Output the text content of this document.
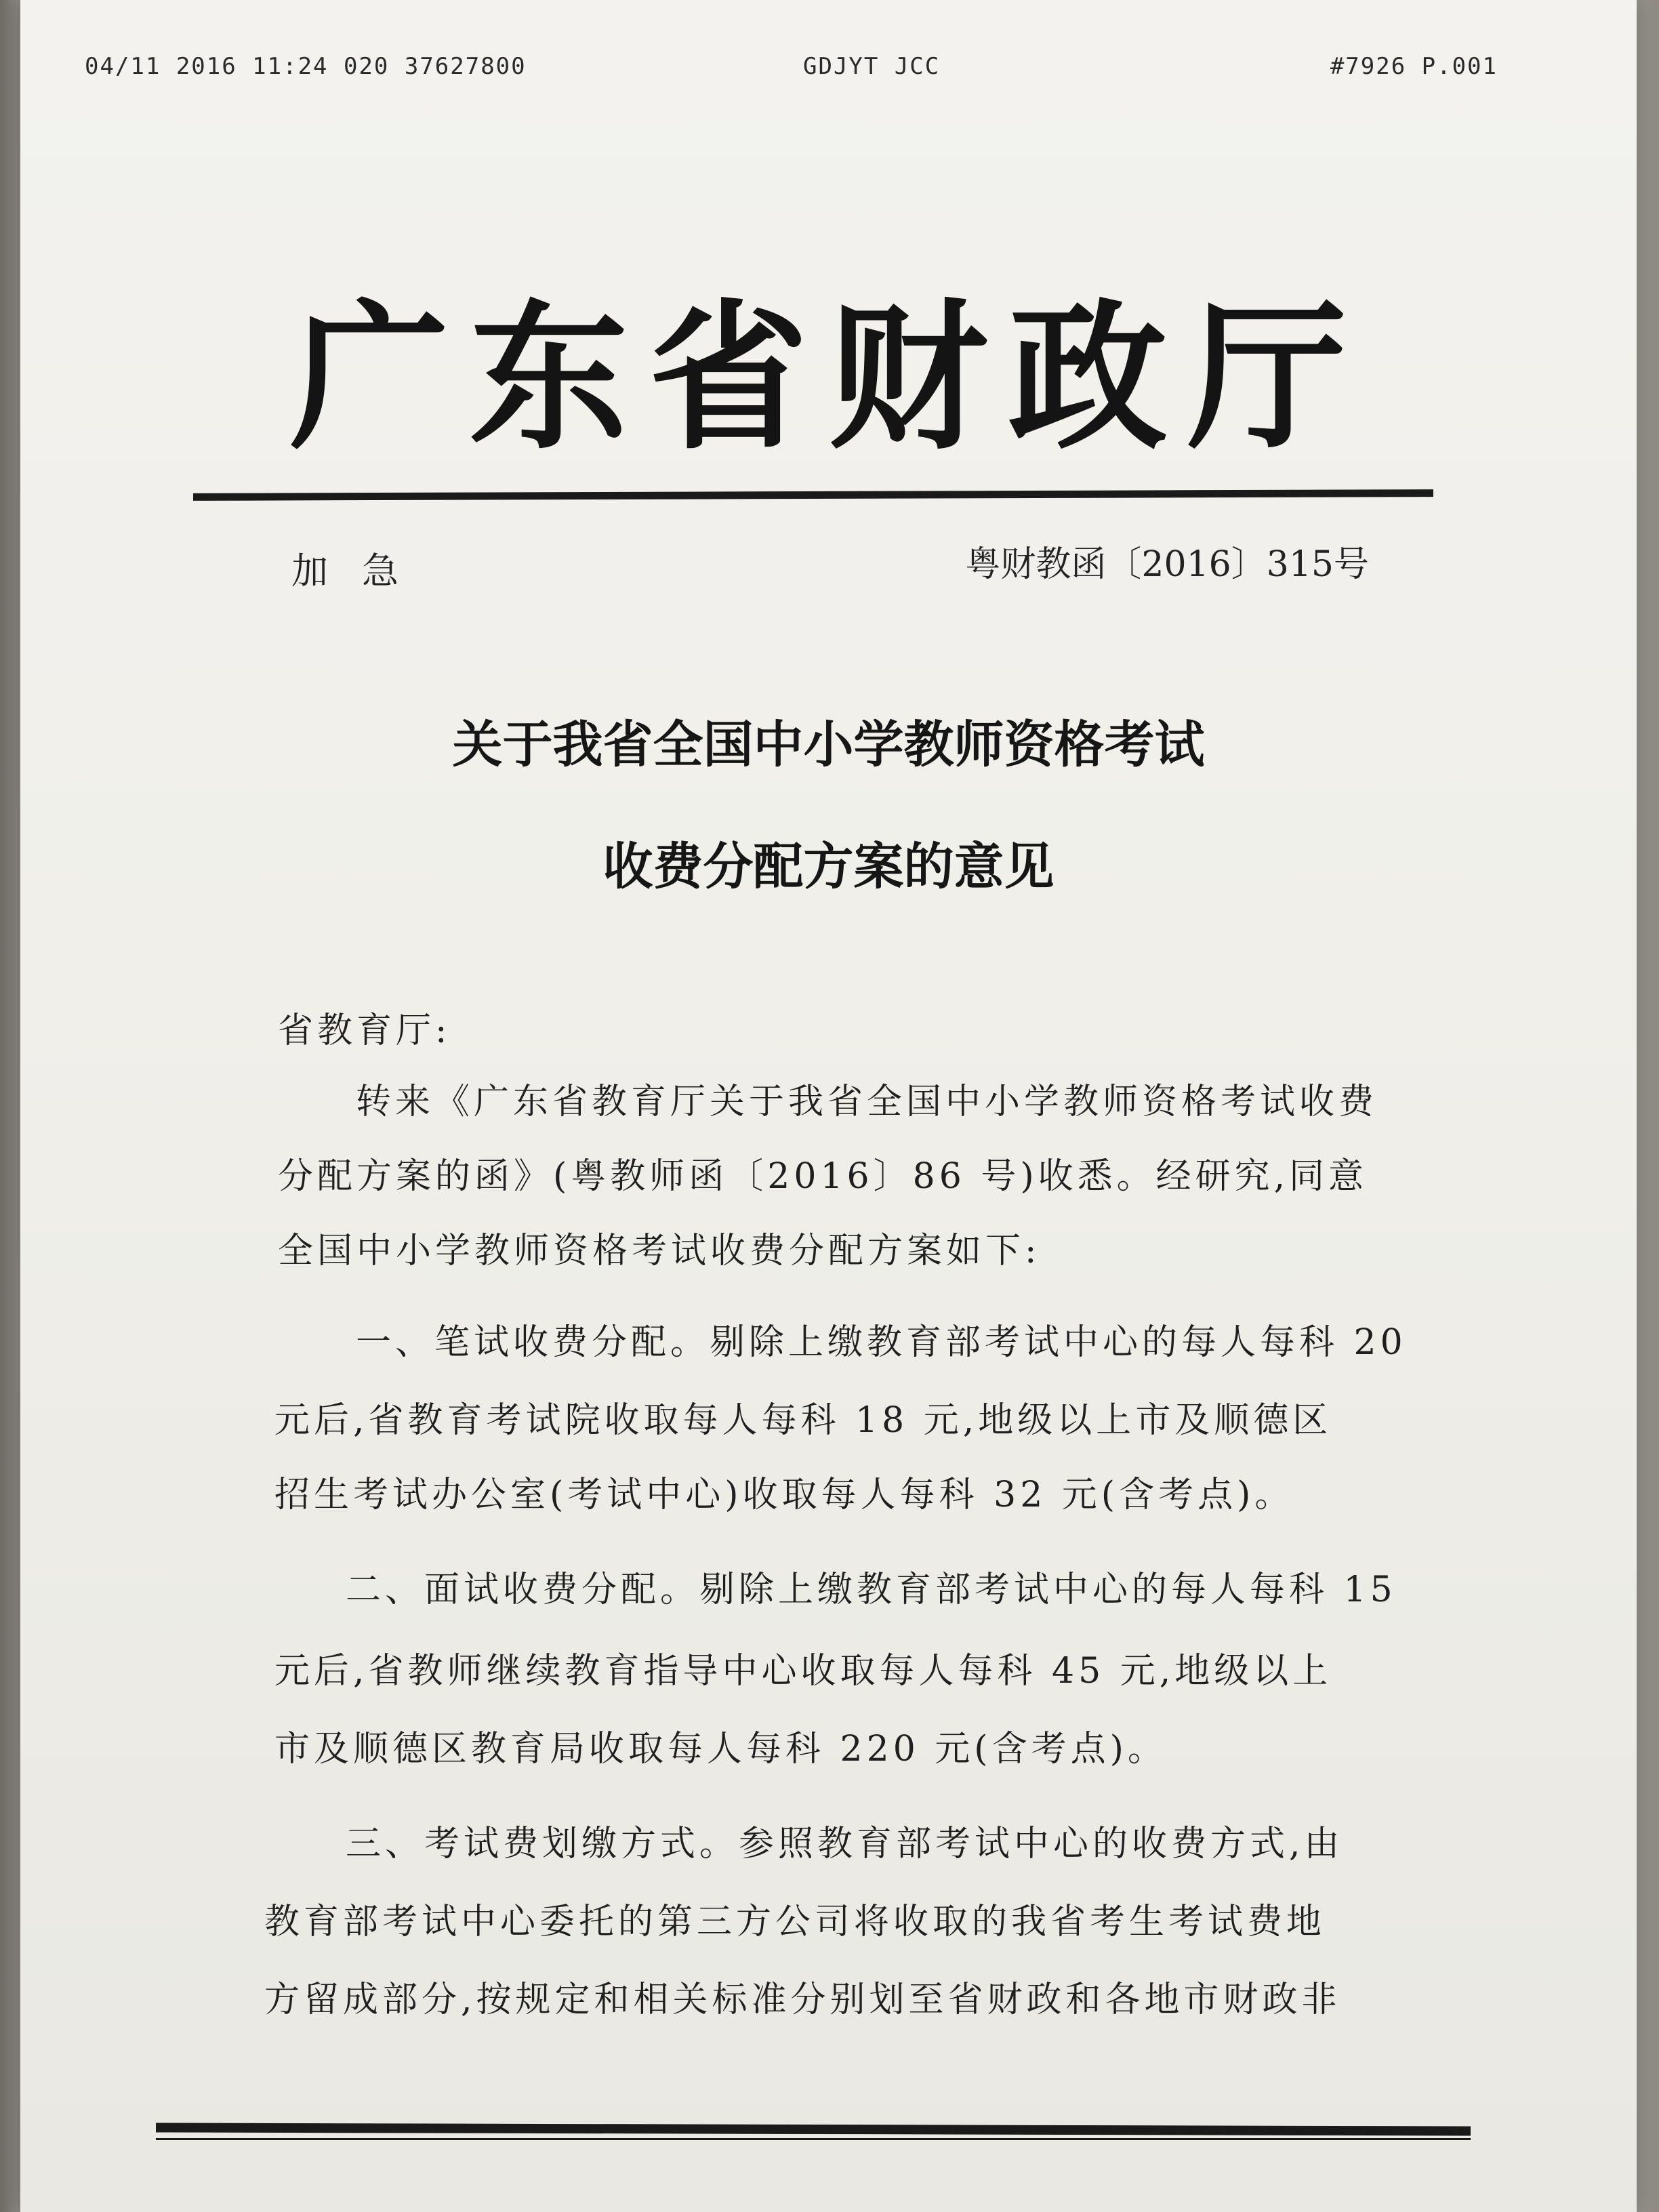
04/11 2016 11:24 020 37627800	GDJYT JCC	#7926 P.001
广东省财政厅
加急	粤财教函〔2016〕315号
关于我省全国中小学教师资格考试
收费分配方案的意见
省教育厅:
转来《广东省教育厅关于我省全国中小学教师资格考试收费
分配方案的函》(粤教师函〔2016〕86 号)收悉。经研究,同意
全国中小学教师资格考试收费分配方案如下:
一、笔试收费分配。剔除上缴教育部考试中心的每人每科 20
元后,省教育考试院收取每人每科 18 元,地级以上市及顺德区
招生考试办公室(考试中心)收取每人每科 32 元(含考点)。
二、面试收费分配。剔除上缴教育部考试中心的每人每科 15
元后,省教师继续教育指导中心收取每人每科 45 元,地级以上
市及顺德区教育局收取每人每科 220 元(含考点)。
三、考试费划缴方式。参照教育部考试中心的收费方式,由
教育部考试中心委托的第三方公司将收取的我省考生考试费地
方留成部分,按规定和相关标准分别划至省财政和各地市财政非
